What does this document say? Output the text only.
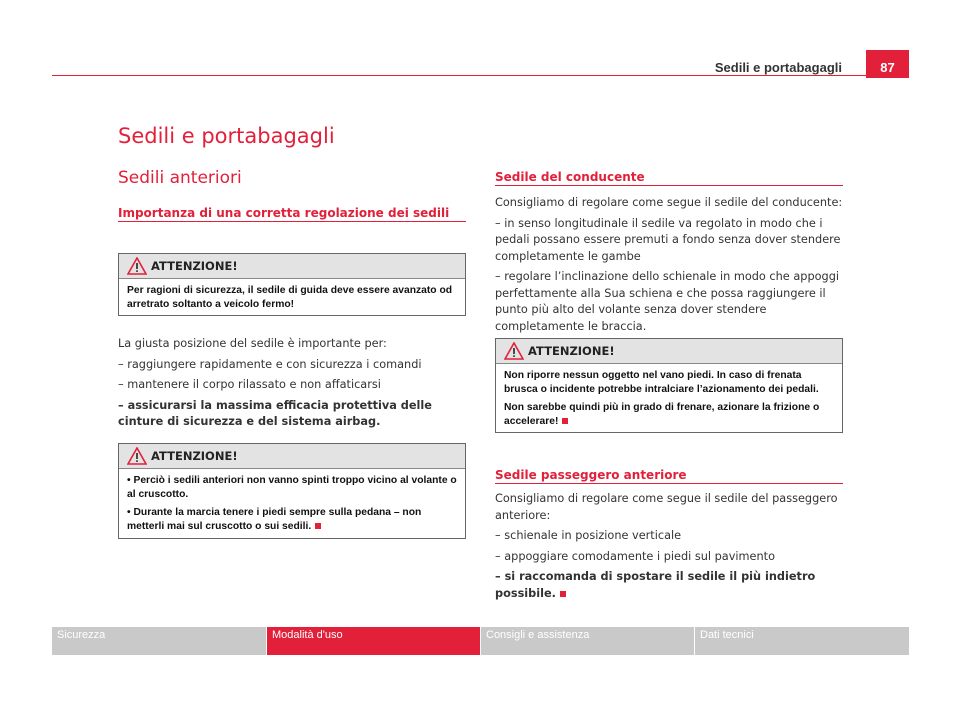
Sedili e portabagagli	87
Sedili e portabagagli
Sedili anteriori
Importanza di una corretta regolazione dei sedili
ATTENZIONE!

Per ragioni di sicurezza, il sedile di guida deve essere avanzato od arretrato soltanto a veicolo fermo!

La giusta posizione del sedile è importante per:

– raggiungere rapidamente e con sicurezza i comandi

– mantenere il corpo rilassato e non affaticarsi

– assicurarsi la massima efficacia protettiva delle cinture di sicurezza e del sistema airbag.

ATTENZIONE!

• Perciò i sedili anteriori non vanno spinti troppo vicino al volante o al cruscotto.

• Durante la marcia tenere i piedi sempre sulla pedana – non metterli mai sul cruscotto o sui sedili.

Sedile del conducente

Consigliamo di regolare come segue il sedile del conducente:

– in senso longitudinale il sedile va regolato in modo che i pedali possano essere premuti a fondo senza dover stendere completamente le gambe

– regolare l’inclinazione dello schienale in modo che appoggi perfettamente alla Sua schiena e che possa raggiungere il punto più alto del volante senza dover stendere completamente le braccia.

ATTENZIONE!

Non riporre nessun oggetto nel vano piedi. In caso di frenata brusca o incidente potrebbe intralciare l’azionamento dei pedali.

Non sarebbe quindi più in grado di frenare, azionare la frizione o accelerare!

Sedile passeggero anteriore

Consigliamo di regolare come segue il sedile del passeggero anteriore:

– schienale in posizione verticale

– appoggiare comodamente i piedi sul pavimento

– si raccomanda di spostare il sedile il più indietro possibile.

Sicurezza	Modalità d'uso	Consigli e assistenza	Dati tecnici
